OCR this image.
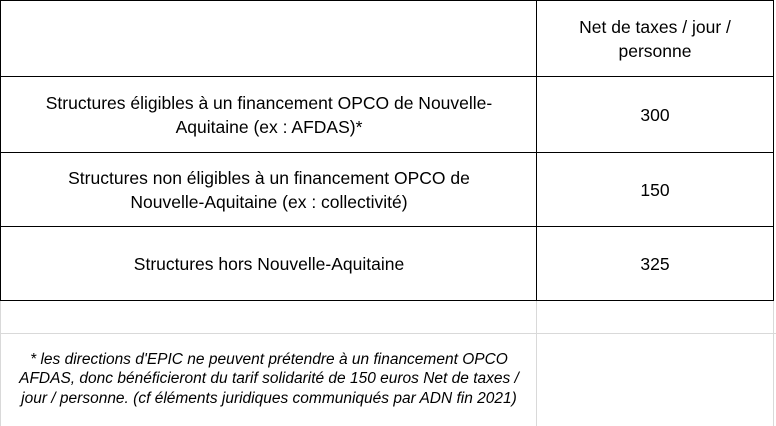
Net de taxes / jour / personne
Structures éligibles à un financement OPCO de Nouvelle-Aquitaine (ex : AFDAS)*
300
Structures non éligibles à un financement OPCO de Nouvelle-Aquitaine (ex : collectivité)
150
Structures hors Nouvelle-Aquitaine	325
* les directions d'EPIC ne peuvent prétendre à un financement OPCO AFDAS, donc bénéficieront du tarif solidarité de 150 euros Net de taxes / jour / personne. (cf éléments juridiques communiqués par ADN fin 2021)
